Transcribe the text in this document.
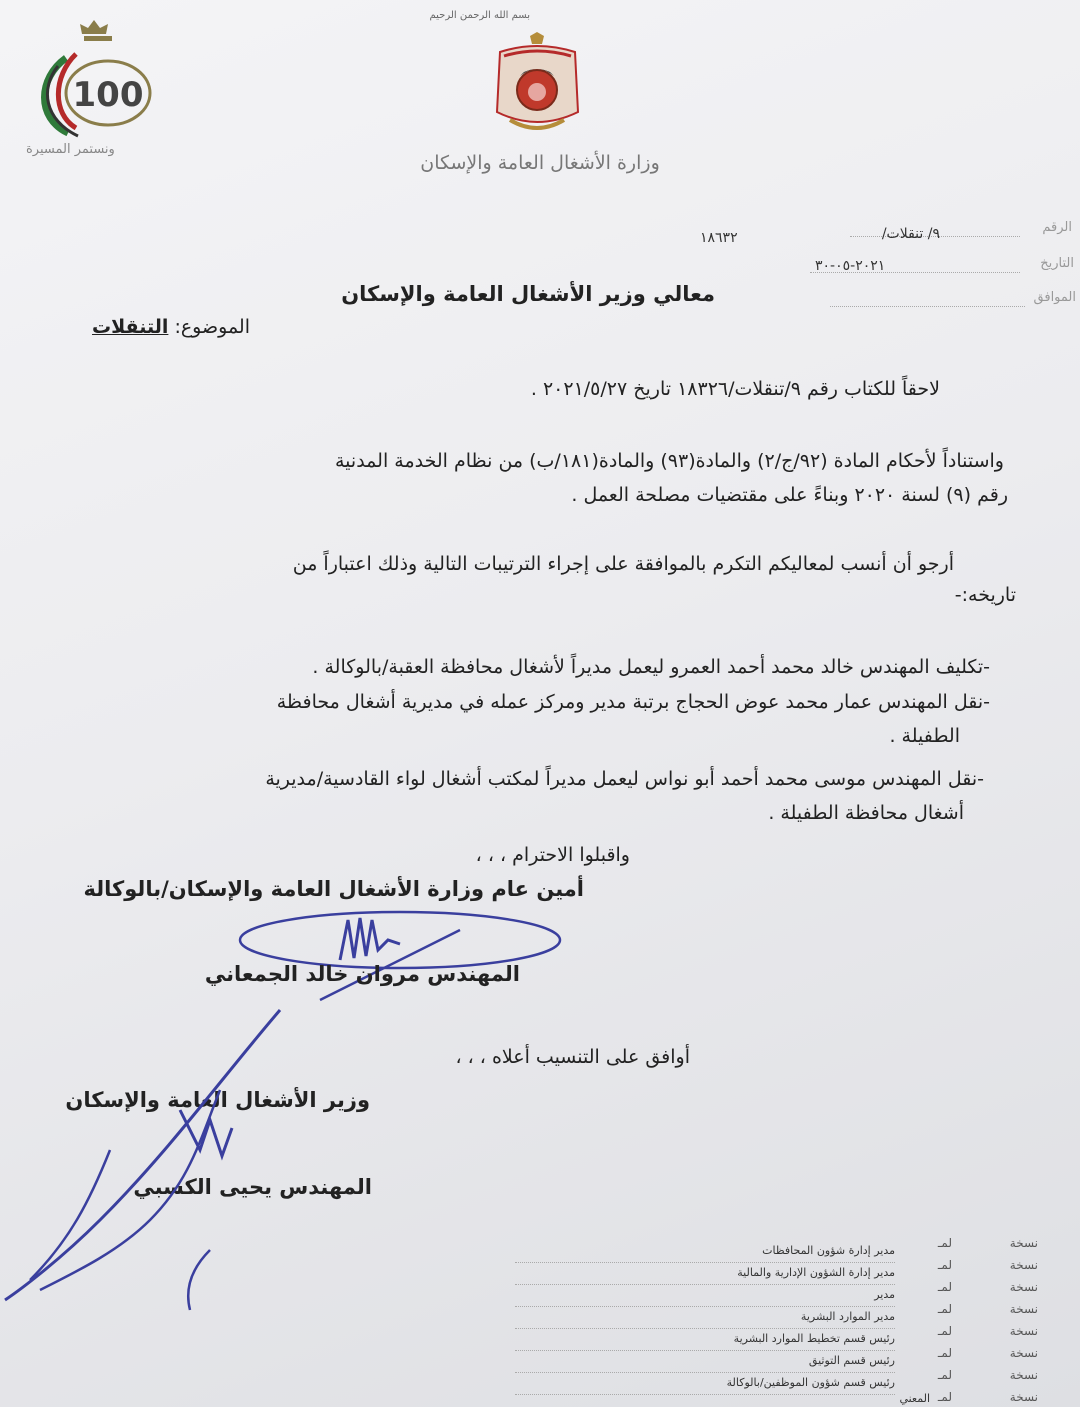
بسم الله الرحمن الرحيم
100
ونستمر المسيرة
وزارة الأشغال العامة والإسكان
الرقم
٩/ تنقلات/
١٨٦٣٢
التاريخ
٢٠٢١-٠٥-٣٠
الموافق
معالي وزير الأشغال العامة والإسكان
الموضوع: التنقلات
لاحقاً للكتاب رقم ٩/تنقلات/١٨٣٢٦ تاريخ ٢٠٢١/٥/٢٧ .
واستناداً لأحكام المادة (٩٢/ج/٢) والمادة(٩٣) والمادة(١٨١/ب) من نظام الخدمة المدنية
رقم (٩) لسنة ٢٠٢٠ وبناءً على مقتضيات مصلحة العمل .
أرجو أن أنسب لمعاليكم التكرم بالموافقة على إجراء الترتيبات التالية وذلك اعتباراً من
تاريخه:-
-تكليف المهندس خالد محمد أحمد العمرو ليعمل مديراً لأشغال محافظة العقبة/بالوكالة .
-نقل المهندس عمار محمد عوض الحجاج برتبة مدير ومركز عمله في مديرية أشغال محافظة
الطفيلة .
-نقل المهندس موسى محمد أحمد أبو نواس ليعمل مديراً لمكتب أشغال لواء القادسية/مديرية
أشغال محافظة الطفيلة .
واقبلوا الاحترام ، ، ،
أمين عام وزارة الأشغال العامة والإسكان/بالوكالة
المهندس مروان خالد الجمعاني
أوافق على التنسيب أعلاه ، ، ،
وزير الأشغال العامة والإسكان
المهندس يحيى الكسبي
نسخة
لمـ
مدير إدارة شؤون المحافظات
نسخة
لمـ
مدير إدارة الشؤون الإدارية والمالية
نسخة
لمـ
مدير
نسخة
لمـ
مدير الموارد البشرية
نسخة
لمـ
رئيس قسم تخطيط الموارد البشرية
نسخة
لمـ
رئيس قسم التوثيق
نسخة
لمـ
رئيس قسم شؤون الموظفين/بالوكالة
نسخة
لمـ
المعني
